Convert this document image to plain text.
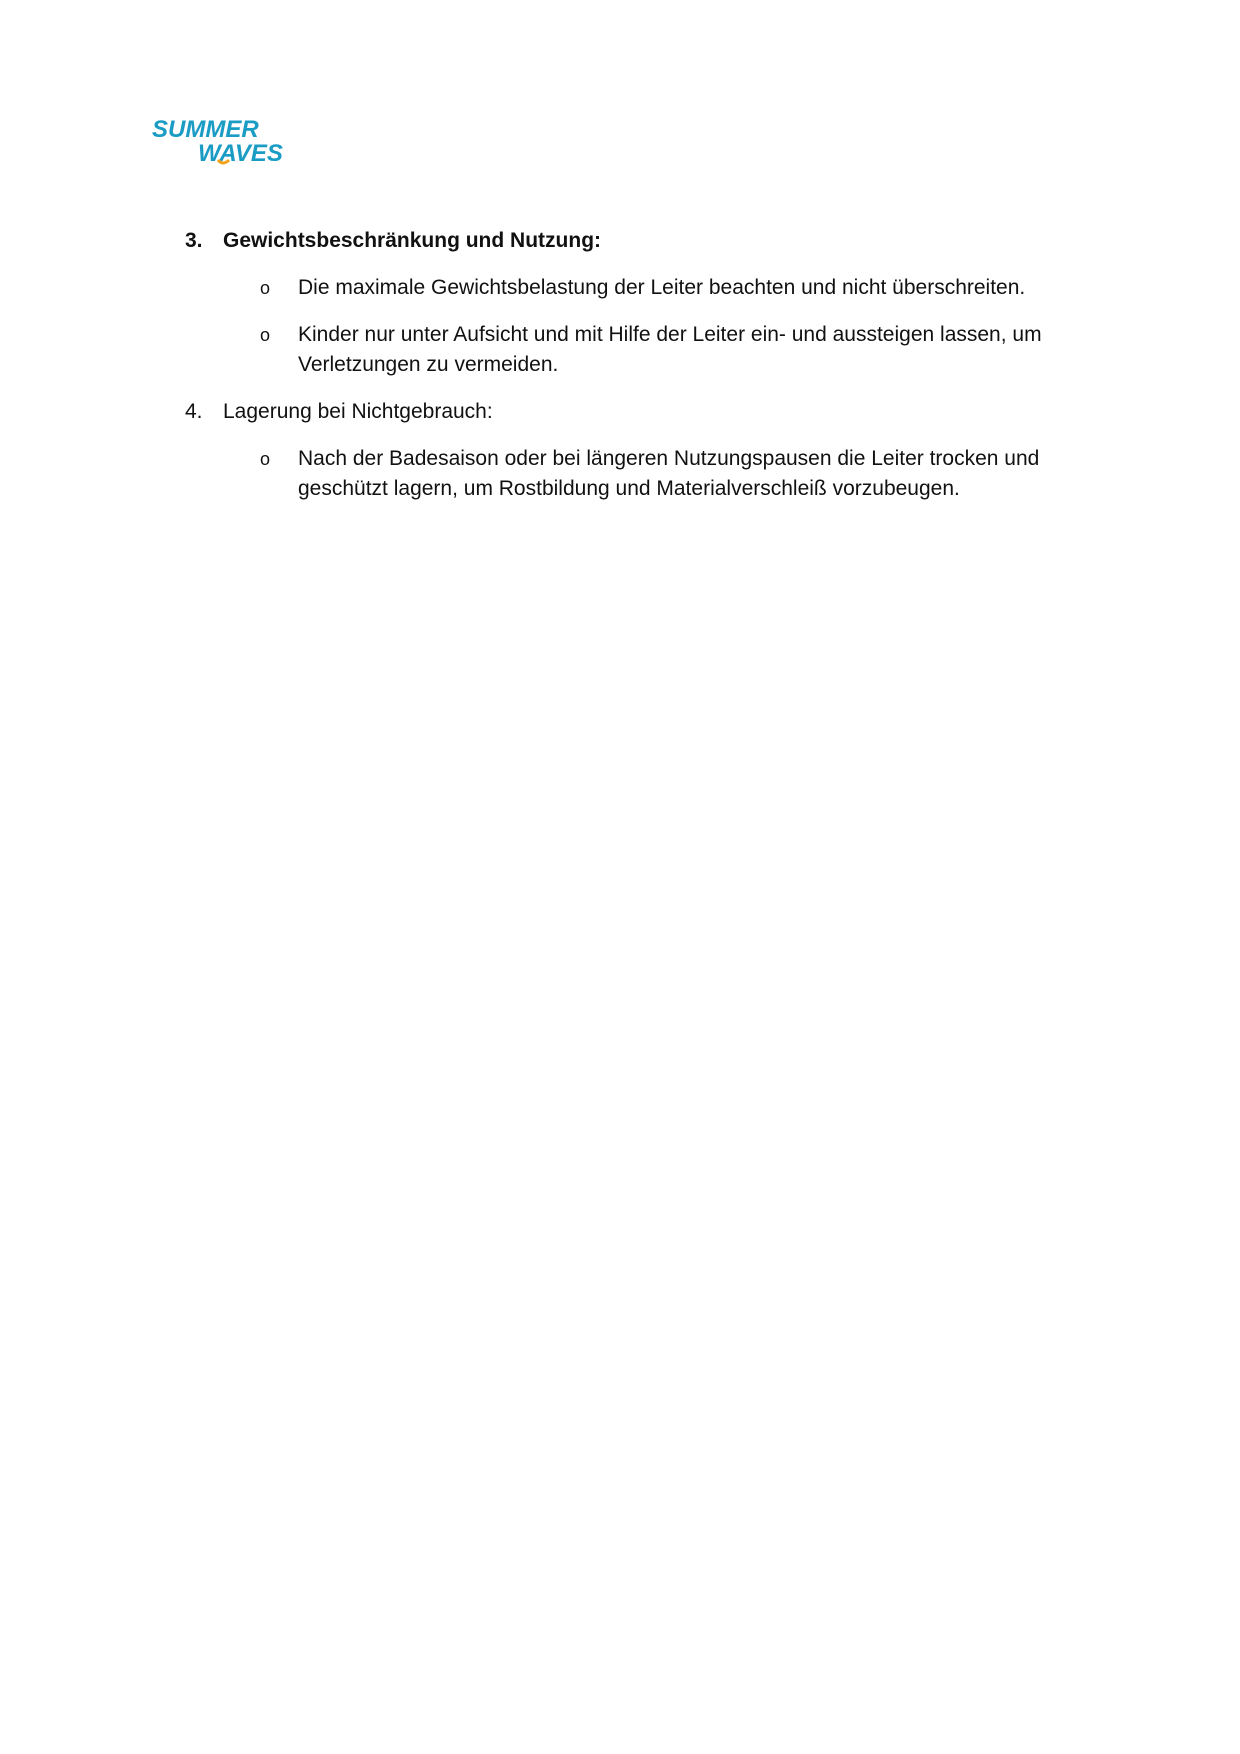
SUMMER
WAVES
3. Gewichtsbeschränkung und Nutzung:
o Die maximale Gewichtsbelastung der Leiter beachten und nicht überschreiten.
o Kinder nur unter Aufsicht und mit Hilfe der Leiter ein- und aussteigen lassen, um Verletzungen zu vermeiden.
4. Lagerung bei Nichtgebrauch:
o Nach der Badesaison oder bei längeren Nutzungspausen die Leiter trocken und geschützt lagern, um Rostbildung und Materialverschleiß vorzubeugen.
